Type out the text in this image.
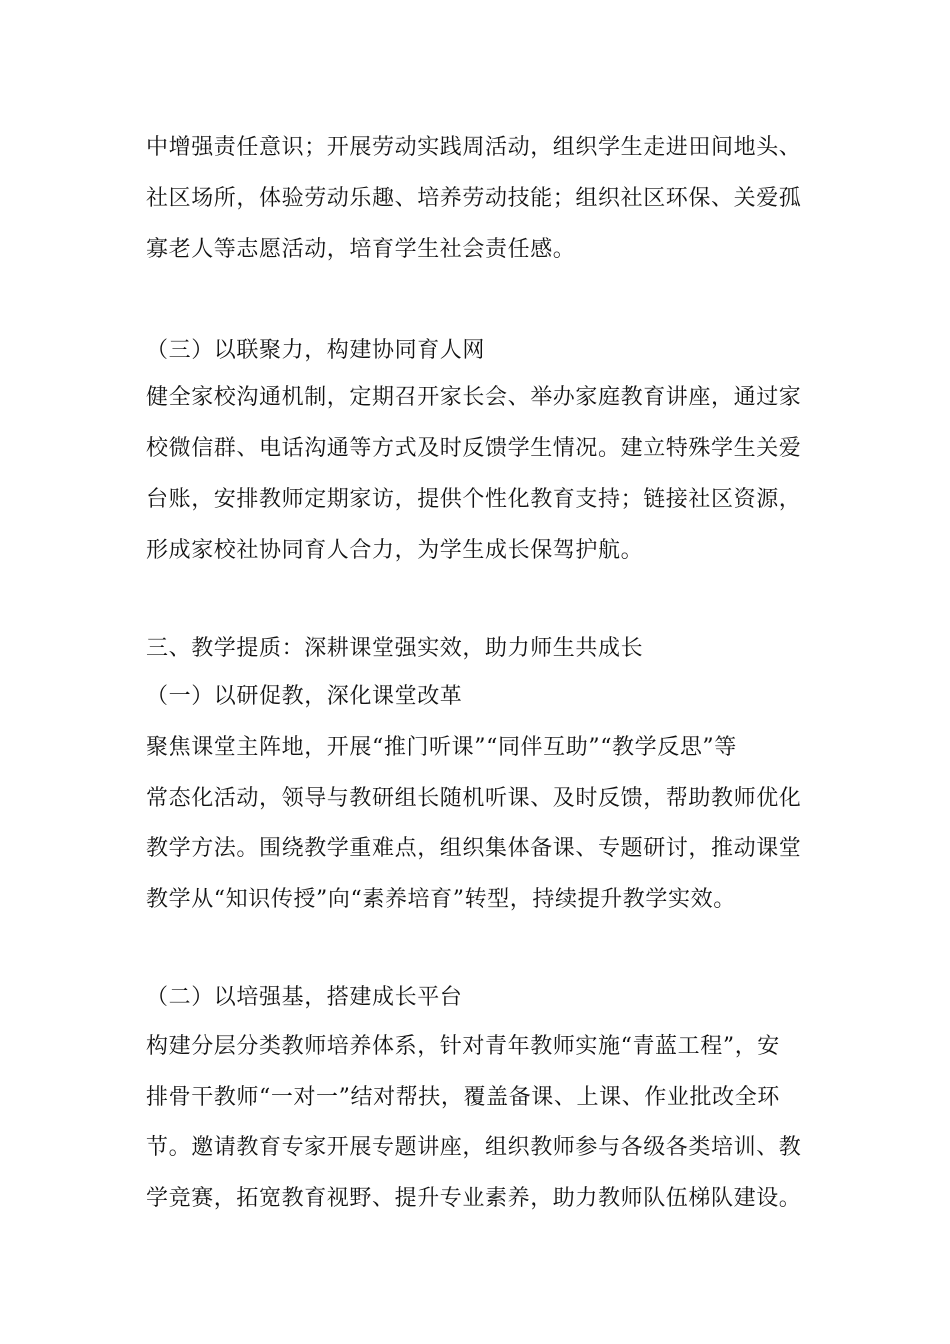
中增强责任意识；开展劳动实践周活动，组织学生走进田间地头、
社区场所，体验劳动乐趣、培养劳动技能；组织社区环保、关爱孤
寡老人等志愿活动，培育学生社会责任感。
（三）以联聚力，构建协同育人网
健全家校沟通机制，定期召开家长会、举办家庭教育讲座，通过家
校微信群、电话沟通等方式及时反馈学生情况。建立特殊学生关爱
台账，安排教师定期家访，提供个性化教育支持；链接社区资源，
形成家校社协同育人合力，为学生成长保驾护航。
三、教学提质：深耕课堂强实效，助力师生共成长
（一）以研促教，深化课堂改革
聚焦课堂主阵地，开展“推门听课”“同伴互助”“教学反思”等
常态化活动，领导与教研组长随机听课、及时反馈，帮助教师优化
教学方法。围绕教学重难点，组织集体备课、专题研讨，推动课堂
教学从“知识传授”向“素养培育”转型，持续提升教学实效。
（二）以培强基，搭建成长平台
构建分层分类教师培养体系，针对青年教师实施“青蓝工程”，安
排骨干教师“一对一”结对帮扶，覆盖备课、上课、作业批改全环
节。邀请教育专家开展专题讲座，组织教师参与各级各类培训、教
学竞赛，拓宽教育视野、提升专业素养，助力教师队伍梯队建设。
